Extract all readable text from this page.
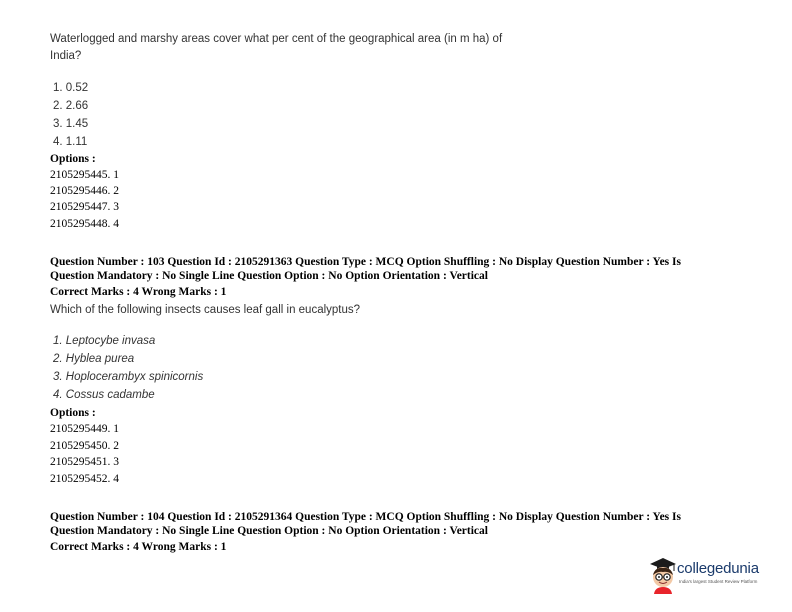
Waterlogged and marshy areas cover what per cent of the geographical area (in m ha) of
India?
1. 0.52
2. 2.66
3. 1.45
4. 1.11
Options :
2105295445. 1
2105295446. 2
2105295447. 3
2105295448. 4
Question Number : 103 Question Id : 2105291363 Question Type : MCQ Option Shuffling : No Display Question Number : Yes Is
Question Mandatory : No Single Line Question Option : No Option Orientation : Vertical
Correct Marks : 4 Wrong Marks : 1
Which of the following insects causes leaf gall in eucalyptus?
1. Leptocybe invasa
2. Hyblea purea
3. Hoplocerambyx spinicornis
4. Cossus cadambe
Options :
2105295449. 1
2105295450. 2
2105295451. 3
2105295452. 4
Question Number : 104 Question Id : 2105291364 Question Type : MCQ Option Shuffling : No Display Question Number : Yes Is
Question Mandatory : No Single Line Question Option : No Option Orientation : Vertical
Correct Marks : 4 Wrong Marks : 1
collegedunia
India's largest Student Review Platform
